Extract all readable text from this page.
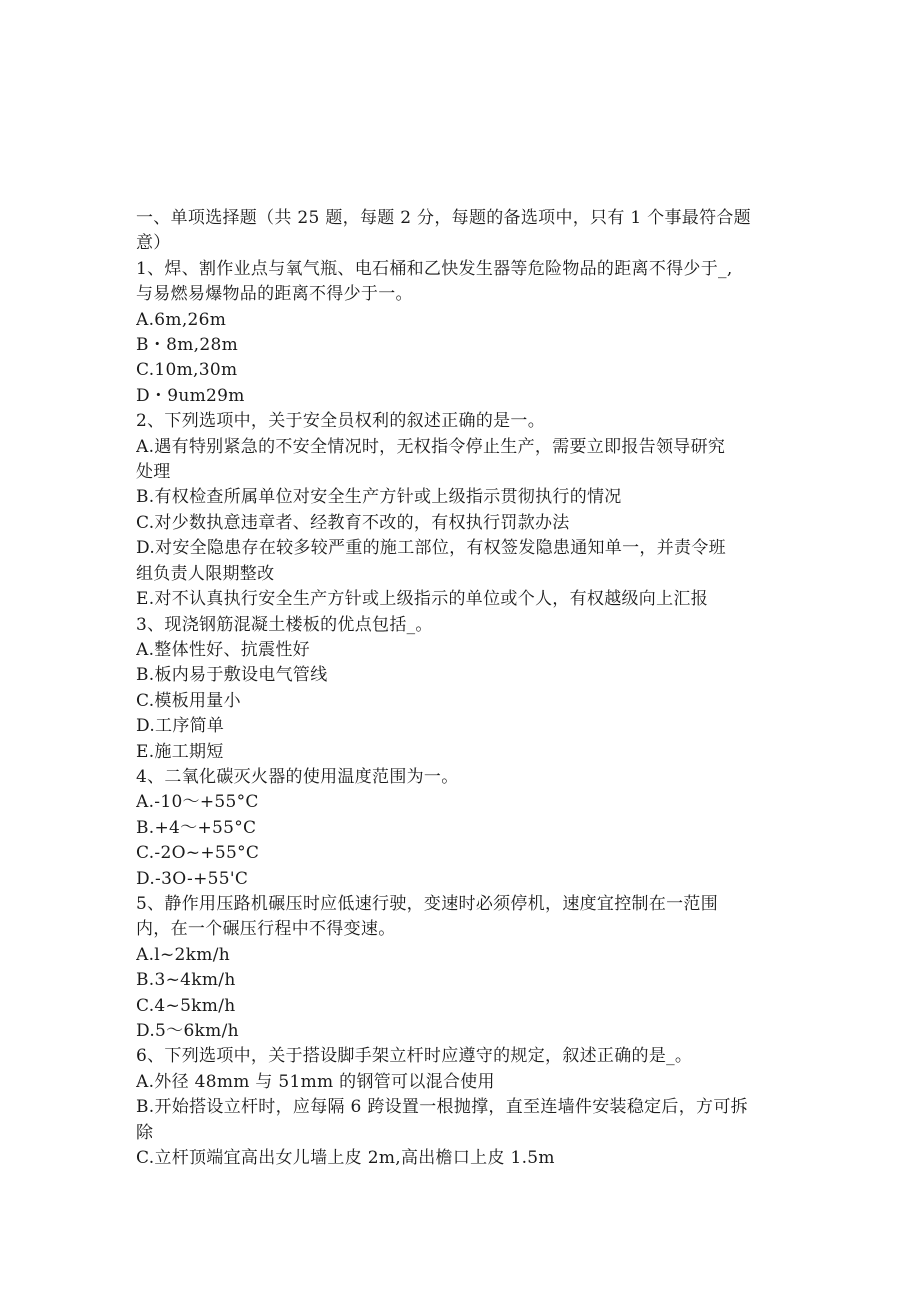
一、单项选择题（共 25 题，每题 2 分，每题的备选项中，只有 1 个事最符合题
意）
1、焊、割作业点与氧气瓶、电石桶和乙快发生器等危险物品的距离不得少于_,
与易燃易爆物品的距离不得少于一。
A.6m,26m
B・8m,28m
C.10m,30m
D・9um29m
2、下列选项中，关于安全员权利的叙述正确的是一。
A.遇有特别紧急的不安全情况时，无权指令停止生产，需要立即报告领导研究
处理
B.有权检查所属单位对安全生产方针或上级指示贯彻执行的情况
C.对少数执意违章者、经教育不改的，有权执行罚款办法
D.对安全隐患存在较多较严重的施工部位，有权签发隐患通知单一，并责令班
组负责人限期整改
E.对不认真执行安全生产方针或上级指示的单位或个人，有权越级向上汇报
3、现浇钢筋混凝土楼板的优点包括_。
A.整体性好、抗震性好
B.板内易于敷设电气管线
C.模板用量小
D.工序简单
E.施工期短
4、二氧化碳灭火器的使用温度范围为一。
A.-10～+55°C
B.+4～+55°C
C.-2O~+55°C
D.-3O-+55'C
5、静作用压路机碾压时应低速行驶，变速时必须停机，速度宜控制在一范围
内，在一个碾压行程中不得变速。
A.l~2km∕h
B.3~4km∕h
C.4~5km∕h
D.5～6km∕h
6、下列选项中，关于搭设脚手架立杆时应遵守的规定，叙述正确的是_。
A.外径 48mm 与 51mm 的钢管可以混合使用
B.开始搭设立杆时，应每隔 6 跨设置一根抛撑，直至连墙件安装稳定后，方可拆
除
C.立杆顶端宜高出女儿墙上皮 2m,高出檐口上皮 1.5m
